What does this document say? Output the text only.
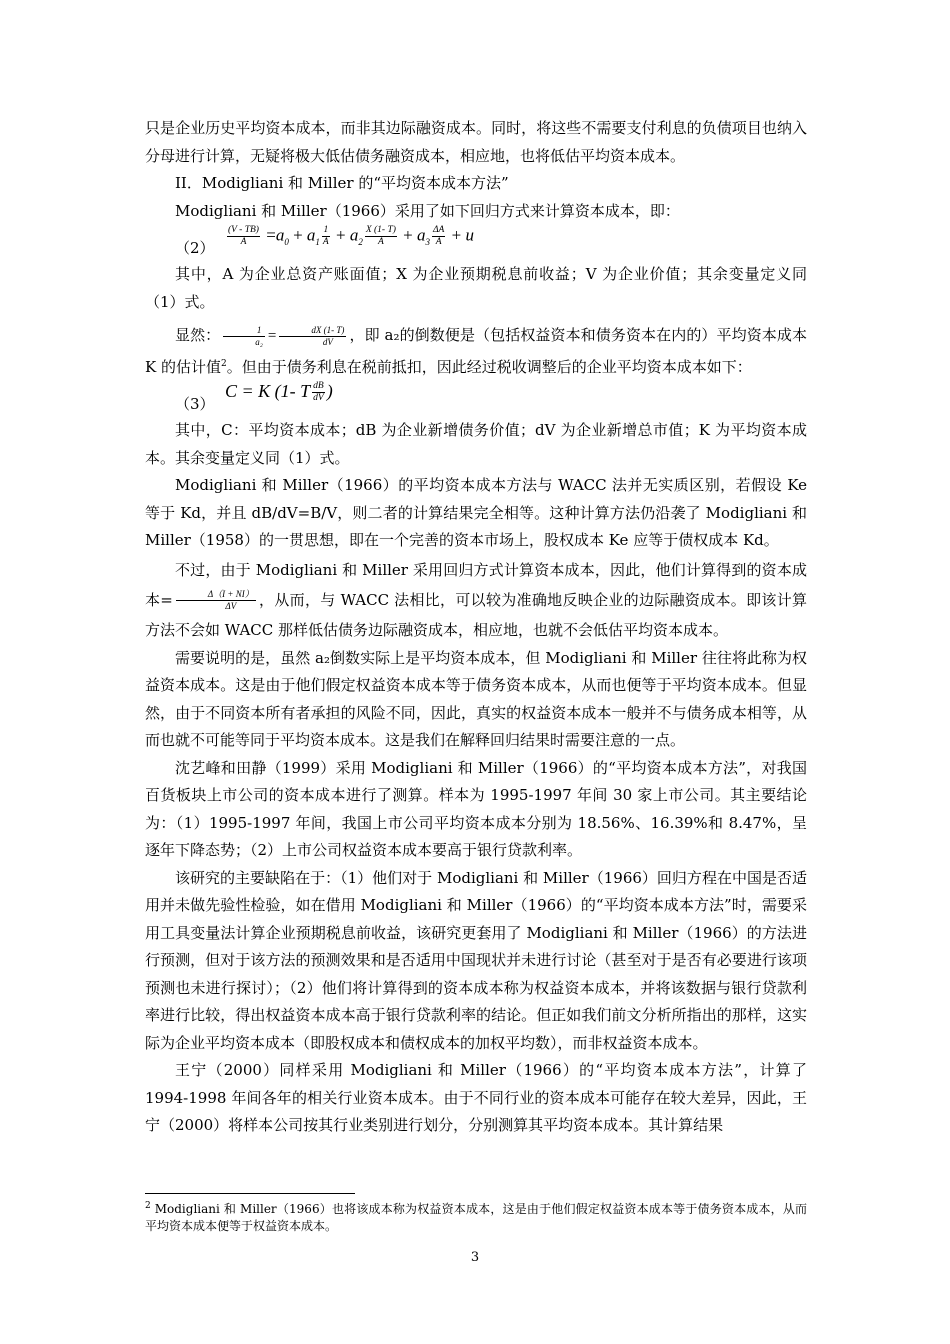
只是企业历史平均资本成本，而非其边际融资成本。同时，将这些不需要支付利息的负债项目也纳入分母进行计算，无疑将极大低估债务融资成本，相应地，也将低估平均资本成本。

II．Modigliani 和 Miller 的“平均资本成本方法”

Modigliani 和 Miller（1966）采用了如下回归方式来计算资本成本，即：

$(2) \frac{(V - TB)}{A} =a_0 + a_1 \frac{1}{A} + a_2 \frac{X (1- T)}{A} + a_3 \frac{\Delta A}{A} + u$

其中，A 为企业总资产账面值；X 为企业预期税息前收益；V 为企业价值；其余变量定义同（1）式。

显然： $\frac{1}{\text{a₂}} = \frac{dX (1- T)}{dV}$ ，即 a₂的倒数便是（包括权益资本和债务资本在内的）平均资本成本 K 的估计值$^2$。但由于债务利息在税前抵扣，因此经过税收调整后的企业平均资本成本如下：

（3）
C = K (1- T $\frac{dB}{dV}$ )

其中，C：平均资本成本；dB 为企业新增债务价值；dV 为企业新增总市值；K 为平均资本成本。其余变量定义同（1）式。

Modigliani 和 Miller（1966）的平均资本成本方法与 WACC 法并无实质区别，若假设 Ke 等于 Kd，并且 dB/dV=B/V，则二者的计算结果完全相等。这种计算方法仍沿袭了 Modigliani 和 Miller（1958）的一贯思想，即在一个完善的资本市场上，股权成本 Ke 应等于债权成本 Kd。

不过，由于 Modigliani 和 Miller 采用回归方式计算资本成本，因此，他们计算得到的资本成本= $\frac{\Delta(I + NI)}{\Delta V}$ ，从而，与 WACC 法相比，可以较为准确地反映企业的边际融资成本。即该计算方法不会如 WACC 那样低估债务边际融资成本，相应地，也就不会低估平均资本成本。

需要说明的是，虽然 a₂倒数实际上是平均资本成本，但 Modigliani 和 Miller 往往将此称为权益资本成本。这是由于他们假定权益资本成本等于债务资本成本，从而也便等于平均资本成本。但显然，由于不同资本所有者承担的风险不同，因此，真实的权益资本成本一般并不与债务成本相等，从而也就不可能等同于平均资本成本。这是我们在解释回归结果时需要注意的一点。

沈艺峰和田静（1999）采用 Modigliani 和 Miller（1966）的“平均资本成本方法”，对我国百货板块上市公司的资本成本进行了测算。样本为 1995-1997 年间 30 家上市公司。其主要结论为：（1）1995-1997 年间，我国上市公司平均资本成本分别为 18.56%、16.39%和 8.47%，呈逐年下降态势；（2）上市公司权益资本成本要高于银行贷款利率。

该研究的主要缺陷在于：（1）他们对于 Modigliani 和 Miller（1966）回归方程在中国是否适用并未做先验性检验，如在借用 Modigliani 和 Miller（1966）的“平均资本成本方法”时，需要采用工具变量法计算企业预期税息前收益，该研究更套用了 Modigliani 和 Miller（1966）的方法进行预测，但对于该方法的预测效果和是否适用中国现状并未进行讨论（甚至对于是否有必要进行该项预测也未进行探讨）；（2）他们将计算得到的资本成本称为权益资本成本，并将该数据与银行贷款利率进行比较，得出权益资本成本高于银行贷款利率的结论。但正如我们前文分析所指出的那样，这实际为企业平均资本成本（即股权成本和债权成本的加权平均数），而非权益资本成本。

王宁（2000）同样采用 Modigliani 和 Miller（1966）的“平均资本成本方法”，计算了 1994-1998 年间各年的相关行业资本成本。由于不同行业的资本成本可能存在较大差异，因此，王宁（2000）将样本公司按其行业类别进行划分，分别测算其平均资本成本。其计算结果

$^2$ Modigliani 和 Miller（1966）也将该成本称为权益资本成本，这是由于他们假定权益资本成本等于债务资本成本，从而平均资本成本便等于权益资本成本。
3
